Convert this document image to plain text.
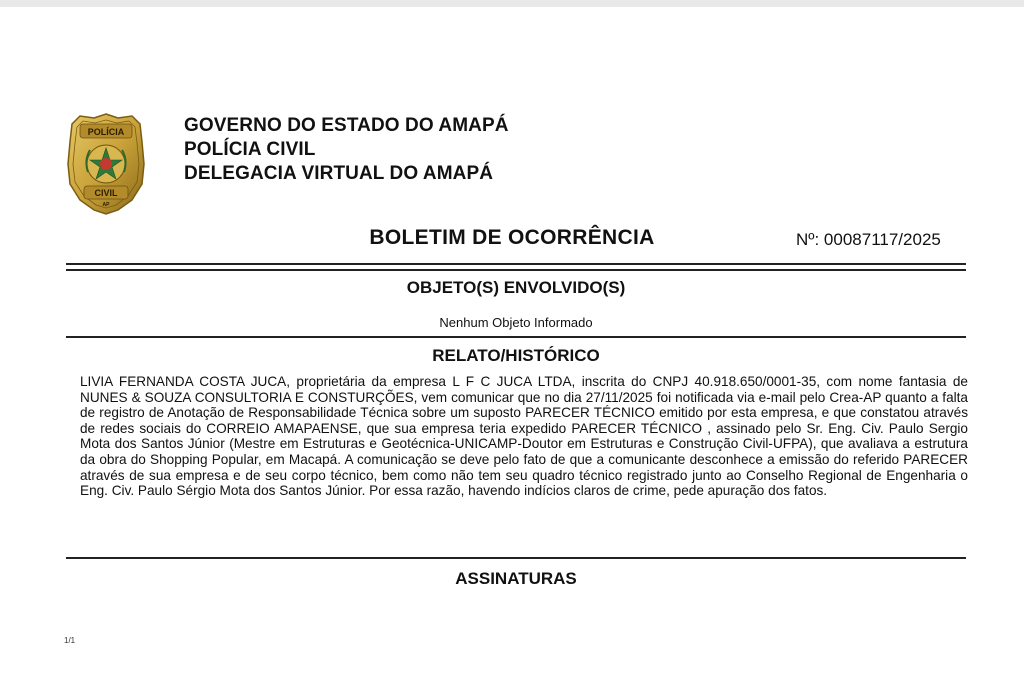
POLÍCIA
CIVIL
AP
GOVERNO DO ESTADO DO AMAPÁ
POLÍCIA CIVIL
DELEGACIA VIRTUAL DO AMAPÁ
BOLETIM DE OCORRÊNCIA	Nº: 00087117/2025
OBJETO(S) ENVOLVIDO(S)
Nenhum Objeto Informado
RELATO/HISTÓRICO
LIVIA FERNANDA COSTA JUCA, proprietária da empresa L F C JUCA LTDA, inscrita do CNPJ 40.918.650/0001-35, com nome fantasia de NUNES & SOUZA CONSULTORIA E CONSTURÇÕES, vem comunicar que no dia 27/11/2025 foi notificada via e-mail pelo Crea-AP quanto a falta de registro de Anotação de Responsabilidade Técnica sobre um suposto PARECER TÉCNICO emitido por esta empresa, e que constatou através de redes sociais do CORREIO AMAPAENSE, que sua empresa teria expedido PARECER TÉCNICO , assinado pelo Sr. Eng. Civ. Paulo Sergio Mota dos Santos Júnior (Mestre em Estruturas e Geotécnica-UNICAMP-Doutor em Estruturas e Construção Civil-UFPA), que avaliava a estrutura da obra do Shopping Popular, em Macapá. A comunicação se deve pelo fato de que a comunicante desconhece a emissão do referido PARECER através de sua empresa e de seu corpo técnico, bem como não tem seu quadro técnico registrado junto ao Conselho Regional de Engenharia o Eng. Civ. Paulo Sérgio Mota dos Santos Júnior. Por essa razão, havendo indícios claros de crime, pede apuração dos fatos.
ASSINATURAS
1/1
